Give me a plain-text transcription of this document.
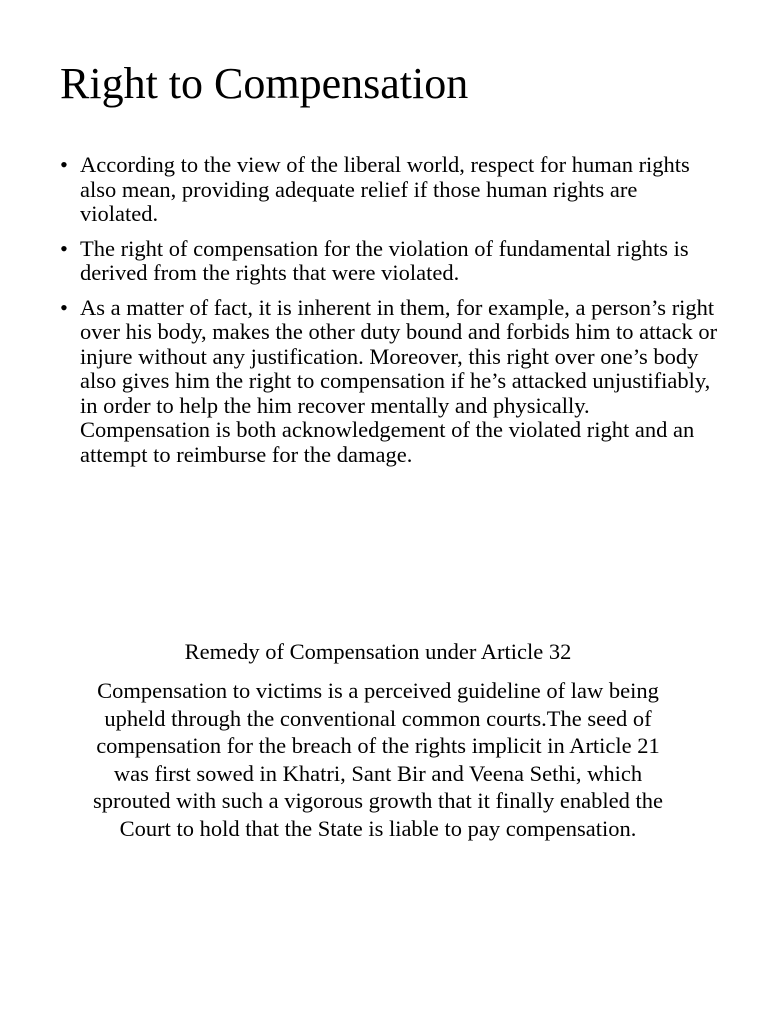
Right to Compensation
• According to the view of the liberal world, respect for human rights also mean, providing adequate relief if those human rights are violated.
• The right of compensation for the violation of fundamental rights is derived from the rights that were violated.
• As a matter of fact, it is inherent in them, for example, a person’s right over his body, makes the other duty bound and forbids him to attack or injure without any justification. Moreover, this right over one’s body also gives him the right to compensation if he’s attacked unjustifiably, in order to help the him recover mentally and physically. Compensation is both acknowledgement of the violated right and an attempt to reimburse for the damage.
Remedy of Compensation under Article 32

Compensation to victims is a perceived guideline of law being upheld through the conventional common courts.The seed of compensation for the breach of the rights implicit in Article 21 was first sowed in Khatri, Sant Bir and Veena Sethi, which sprouted with such a vigorous growth that it finally enabled the Court to hold that the State is liable to pay compensation.
